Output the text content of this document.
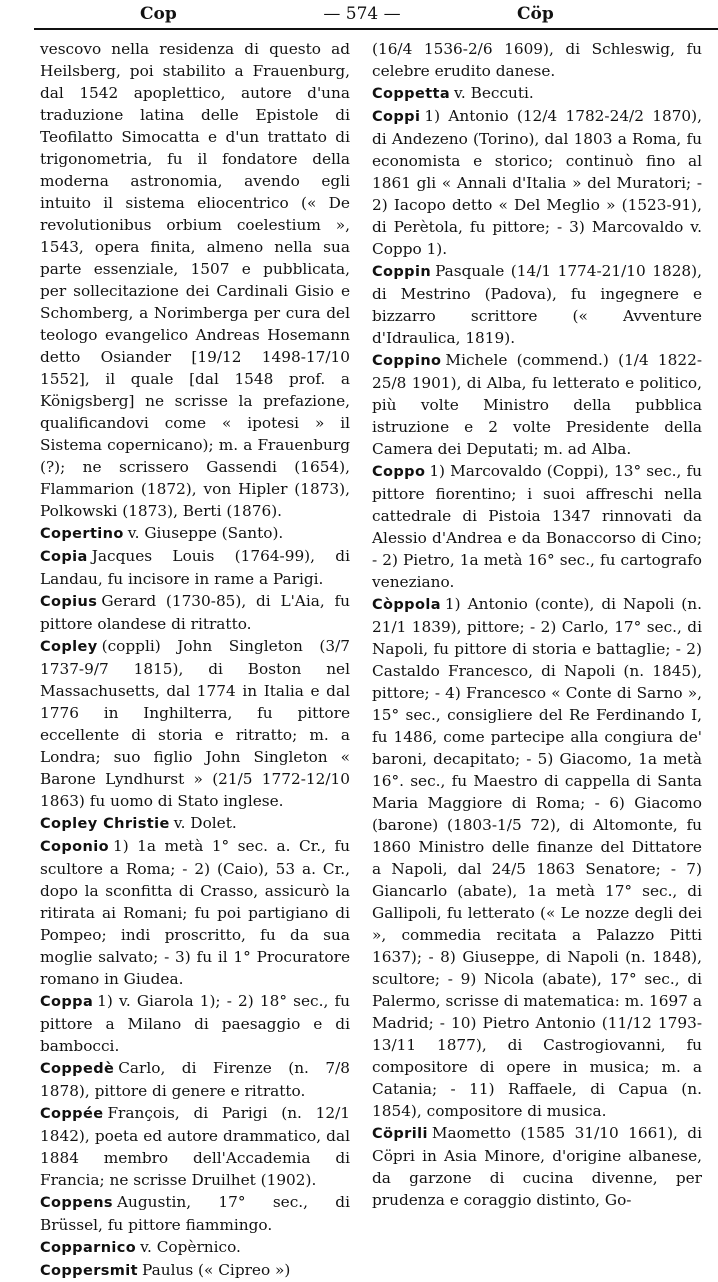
Cop	— 574 —	Cöp

vescovo nella residenza di questo ad Heilsberg, poi stabilito a Frauenburg, dal 1542 apoplettico, autore d'una traduzione latina delle Epistole di Teofilatto Simocatta e d'un trattato di trigonometria, fu il fondatore della moderna astronomia, avendo egli intuito il sistema eliocentrico (« De revolutionibus orbium coelestium », 1543, opera finita, almeno nella sua parte essenziale, 1507 e pubblicata, per sollecitazione dei Cardinali Gisio e Schomberg, a Norimberga per cura del teologo evangelico Andreas Hosemann detto Osiander [19/12 1498-17/10 1552], il quale [dal 1548 prof. a Königsberg] ne scrisse la prefazione, qualificandovi come « ipotesi » il Sistema copernicano); m. a Frauenburg (?); ne scrissero Gassendi (1654), Flammarion (1872), von Hipler (1873), Polkowski (1873), Berti (1876).

Copertino v. Giuseppe (Santo).

Copia Jacques Louis (1764-99), di Landau, fu incisore in rame a Parigi.

Copius Gerard (1730-85), di L'Aia, fu pittore olandese di ritratto.

Copley (coppli) John Singleton (3/7 1737-9/7 1815), di Boston nel Massachusetts, dal 1774 in Italia e dal 1776 in Inghilterra, fu pittore eccellente di storia e ritratto; m. a Londra; suo figlio John Singleton « Barone Lyndhurst » (21/5 1772-12/10 1863) fu uomo di Stato inglese.

Copley Christie v. Dolet.

Coponio 1) 1a metà 1° sec. a. Cr., fu scultore a Roma; - 2) (Caio), 53 a. Cr., dopo la sconfitta di Crasso, assicurò la ritirata ai Romani; fu poi partigiano di Pompeo; indi proscritto, fu da sua moglie salvato; - 3) fu il 1° Procuratore romano in Giudea.

Coppa 1) v. Giarola 1); - 2) 18° sec., fu pittore a Milano di paesaggio e di bambocci.

Coppedè Carlo, di Firenze (n. 7/8 1878), pittore di genere e ritratto.

Coppée François, di Parigi (n. 12/1 1842), poeta ed autore drammatico, dal 1884 membro dell'Accademia di Francia; ne scrisse Druilhet (1902).

Coppens Augustin, 17° sec., di Brüssel, fu pittore fiammingo.

Copparnico v. Copèrnico.

Coppersmit Paulus (« Cipreo »)

(16/4 1536-2/6 1609), di Schleswig, fu celebre erudito danese.

Coppetta v. Beccuti.

Coppi 1) Antonio (12/4 1782-24/2 1870), di Andezeno (Torino), dal 1803 a Roma, fu economista e storico; continuò fino al 1861 gli « Annali d'Italia » del Muratori; - 2) Iacopo detto « Del Meglio » (1523-91), di Perètola, fu pittore; - 3) Marcovaldo v. Coppo 1).

Coppin Pasquale (14/1 1774-21/10 1828), di Mestrino (Padova), fu ingegnere e bizzarro scrittore (« Avventure d'Idraulica, 1819).

Coppino Michele (commend.) (1/4 1822-25/8 1901), di Alba, fu letterato e politico, più volte Ministro della pubblica istruzione e 2 volte Presidente della Camera dei Deputati; m. ad Alba.

Coppo 1) Marcovaldo (Coppi), 13° sec., fu pittore fiorentino; i suoi affreschi nella cattedrale di Pistoia 1347 rinnovati da Alessio d'Andrea e da Bonaccorso di Cino; - 2) Pietro, 1a metà 16° sec., fu cartografo veneziano.

Còppola 1) Antonio (conte), di Napoli (n. 21/1 1839), pittore; - 2) Carlo, 17° sec., di Napoli, fu pittore di storia e battaglie; - 2) Castaldo Francesco, di Napoli (n. 1845), pittore; - 4) Francesco « Conte di Sarno », 15° sec., consigliere del Re Ferdinando I, fu 1486, come partecipe alla congiura de' baroni, decapitato; - 5) Giacomo, 1a metà 16°. sec., fu Maestro di cappella di Santa Maria Maggiore di Roma; - 6) Giacomo (barone) (1803-1/5 72), di Altomonte, fu 1860 Ministro delle finanze del Dittatore a Napoli, dal 24/5 1863 Senatore; - 7) Giancarlo (abate), 1a metà 17° sec., di Gallipoli, fu letterato (« Le nozze degli dei », commedia recitata a Palazzo Pitti 1637); - 8) Giuseppe, di Napoli (n. 1848), scultore; - 9) Nicola (abate), 17° sec., di Palermo, scrisse di matematica: m. 1697 a Madrid; - 10) Pietro Antonio (11/12 1793-13/11 1877), di Castrogiovanni, fu compositore di opere in musica; m. a Catania; - 11) Raffaele, di Capua (n. 1854), compositore di musica.

Cöprili Maometto (1585 31/10 1661), di Cöpri in Asia Minore, d'origine albanese, da garzone di cucina divenne, per prudenza e coraggio distinto, Go-
